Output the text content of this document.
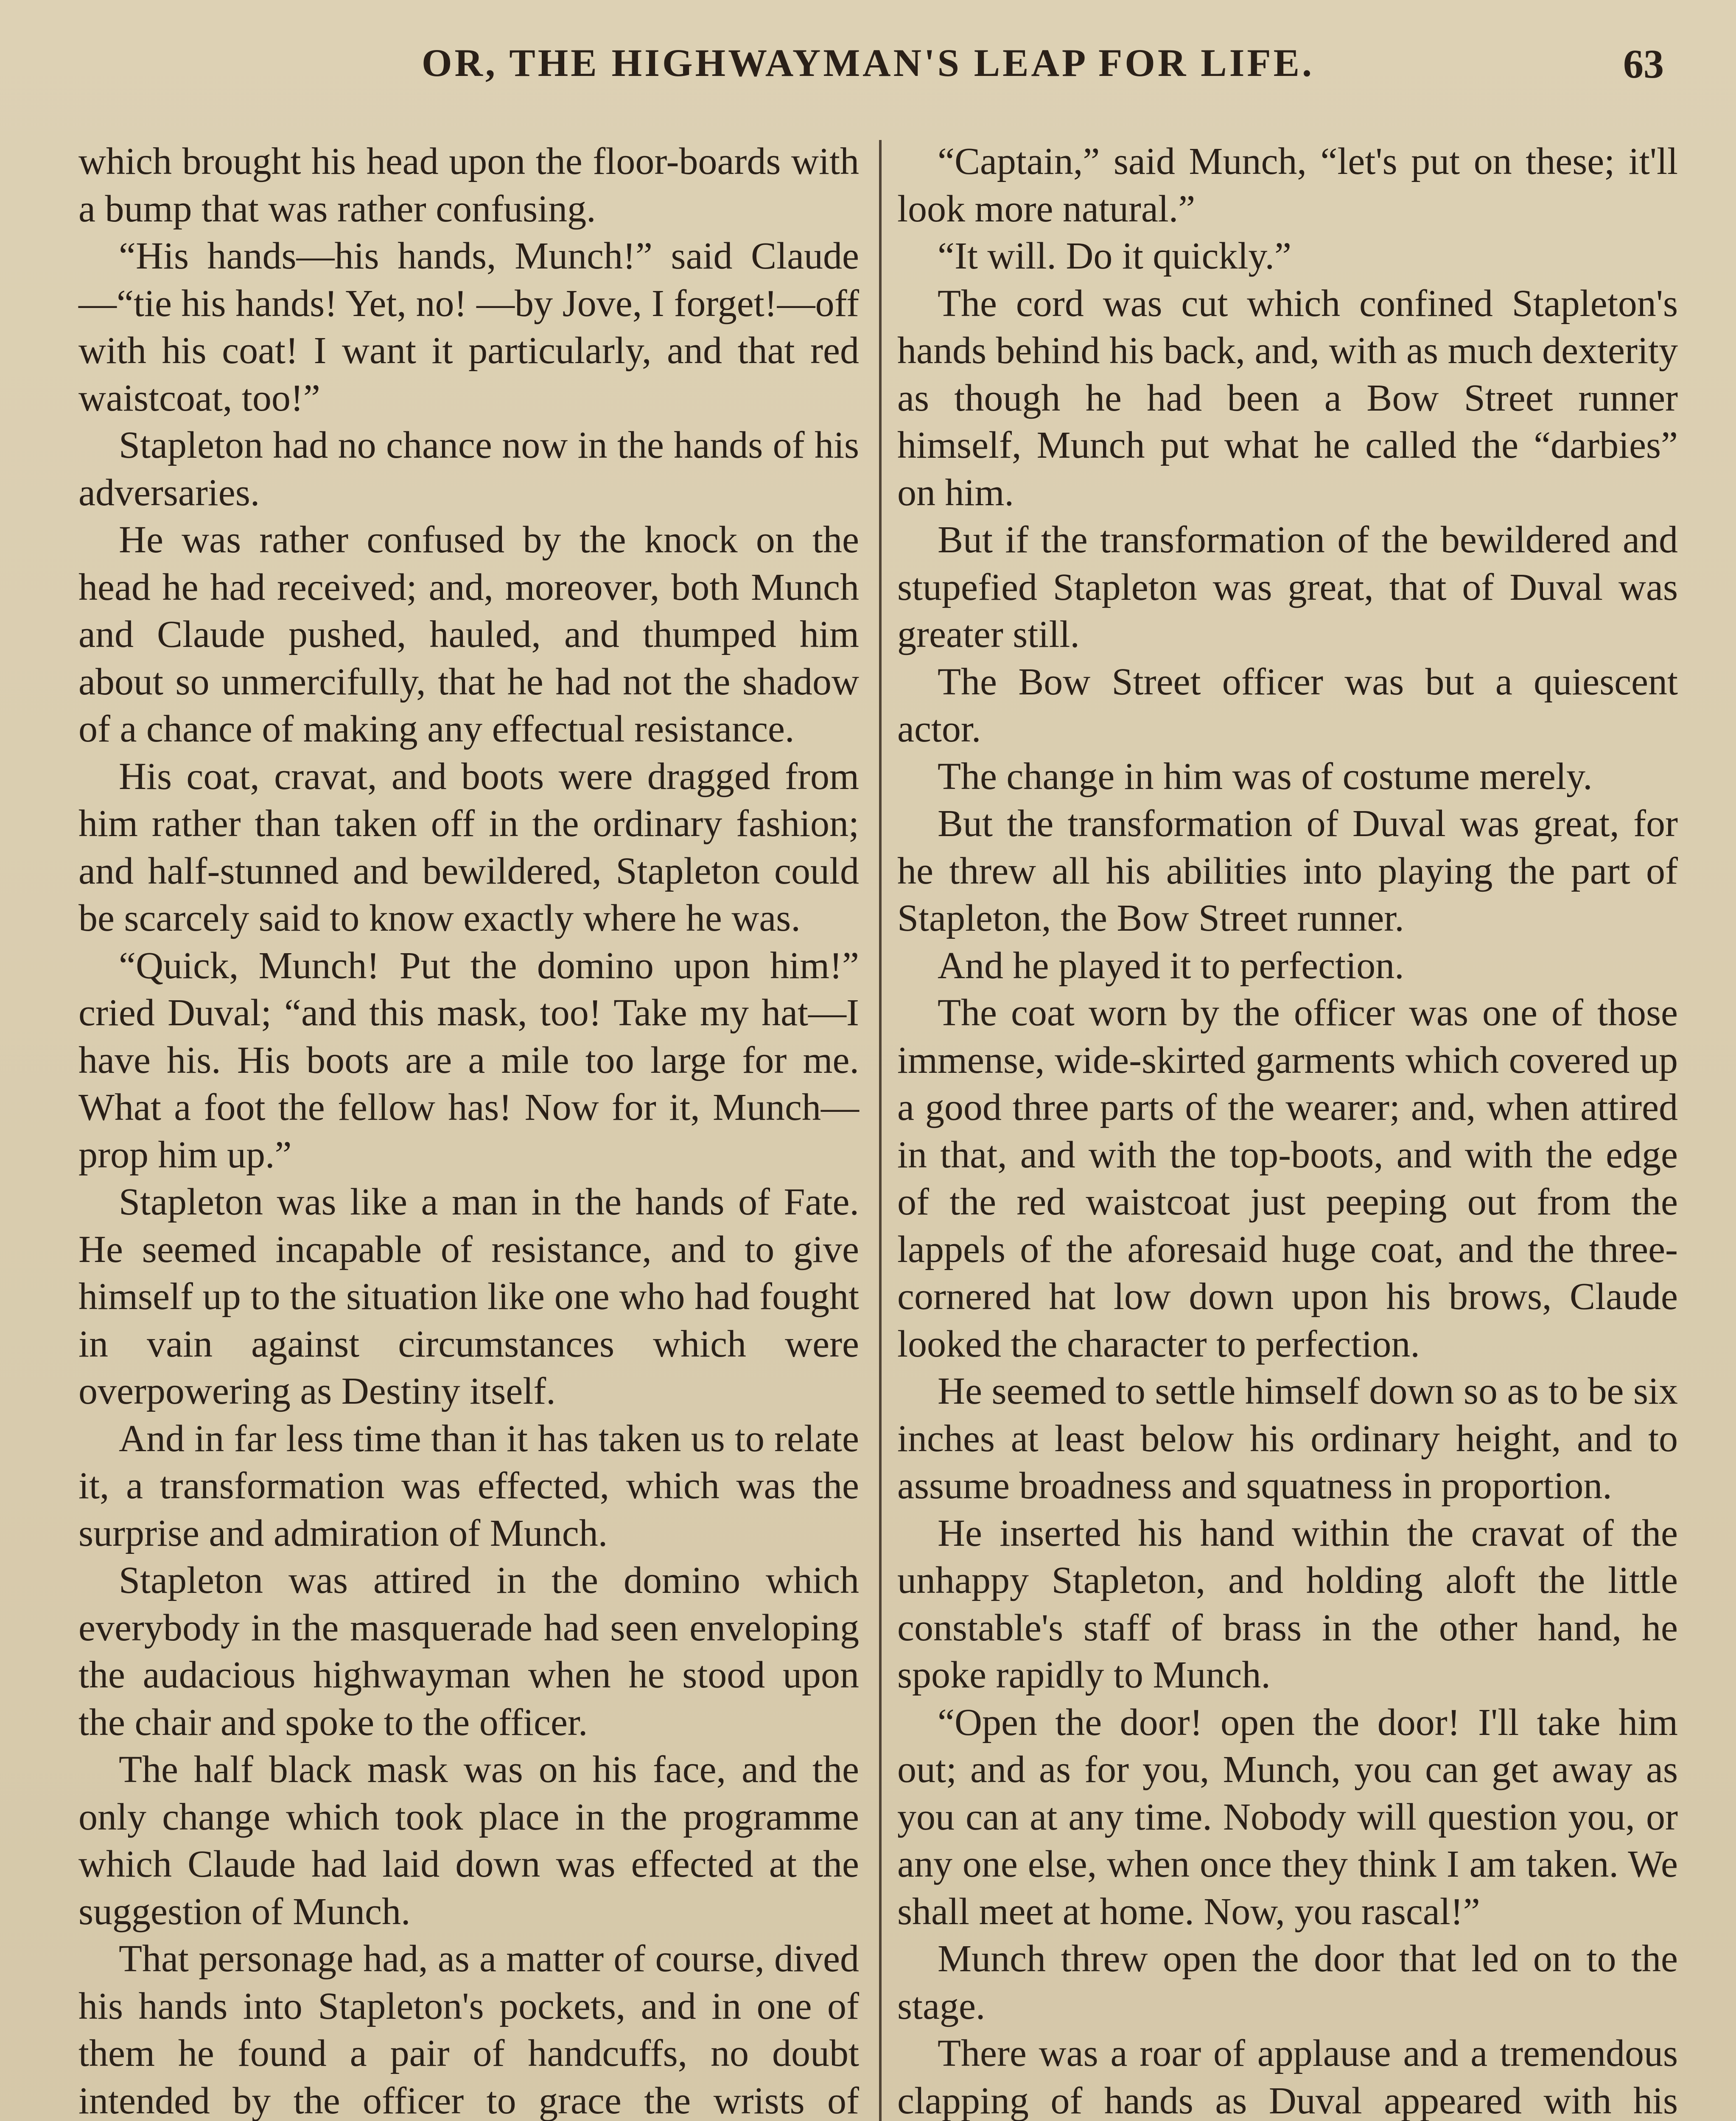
OR, THE HIGHWAYMAN'S LEAP FOR LIFE.	63

which brought his head upon the floor-boards with a bump that was rather confusing.

“His hands—his hands, Munch!” said Claude—“tie his hands! Yet, no! —by Jove, I forget!—off with his coat! I want it particularly, and that red waistcoat, too!”

Stapleton had no chance now in the hands of his adversaries.

He was rather confused by the knock on the head he had received; and, moreover, both Munch and Claude pushed, hauled, and thumped him about so unmercifully, that he had not the shadow of a chance of making any effectual resistance.

His coat, cravat, and boots were dragged from him rather than taken off in the ordinary fashion; and half-stunned and bewildered, Stapleton could be scarcely said to know exactly where he was.

“Quick, Munch! Put the domino upon him!” cried Duval; “and this mask, too! Take my hat—I have his. His boots are a mile too large for me. What a foot the fellow has! Now for it, Munch—prop him up.”

Stapleton was like a man in the hands of Fate. He seemed incapable of resistance, and to give himself up to the situation like one who had fought in vain against circumstances which were overpowering as Destiny itself.

And in far less time than it has taken us to relate it, a transformation was effected, which was the surprise and admiration of Munch.

Stapleton was attired in the domino which everybody in the masquerade had seen enveloping the audacious highwayman when he stood upon the chair and spoke to the officer.

The half black mask was on his face, and the only change which took place in the programme which Claude had laid down was effected at the suggestion of Munch.

That personage had, as a matter of course, dived his hands into Stapleton's pockets, and in one of them he found a pair of handcuffs, no doubt intended by the officer to grace the wrists of

“Captain,” said Munch, “let's put on these; it'll look more natural.”

“It will. Do it quickly.”

The cord was cut which confined Stapleton's hands behind his back, and, with as much dexterity as though he had been a Bow Street runner himself, Munch put what he called the “darbies” on him.

But if the transformation of the bewildered and stupefied Stapleton was great, that of Duval was greater still.

The Bow Street officer was but a quiescent actor.

The change in him was of costume merely.

But the transformation of Duval was great, for he threw all his abilities into playing the part of Stapleton, the Bow Street runner.

And he played it to perfection.

The coat worn by the officer was one of those immense, wide-skirted garments which covered up a good three parts of the wearer; and, when attired in that, and with the top-boots, and with the edge of the red waistcoat just peeping out from the lappels of the aforesaid huge coat, and the three-cornered hat low down upon his brows, Claude looked the character to perfection.

He seemed to settle himself down so as to be six inches at least below his ordinary height, and to assume broadness and squatness in proportion.

He inserted his hand within the cravat of the unhappy Stapleton, and holding aloft the little constable's staff of brass in the other hand, he spoke rapidly to Munch.

“Open the door! open the door! I'll take him out; and as for you, Munch, you can get away as you can at any time. Nobody will question you, or any one else, when once they think I am taken. We shall meet at home. Now, you rascal!”

Munch threw open the door that led on to the stage.

There was a roar of applause and a tremendous clapping of hands as Duval appeared with his
